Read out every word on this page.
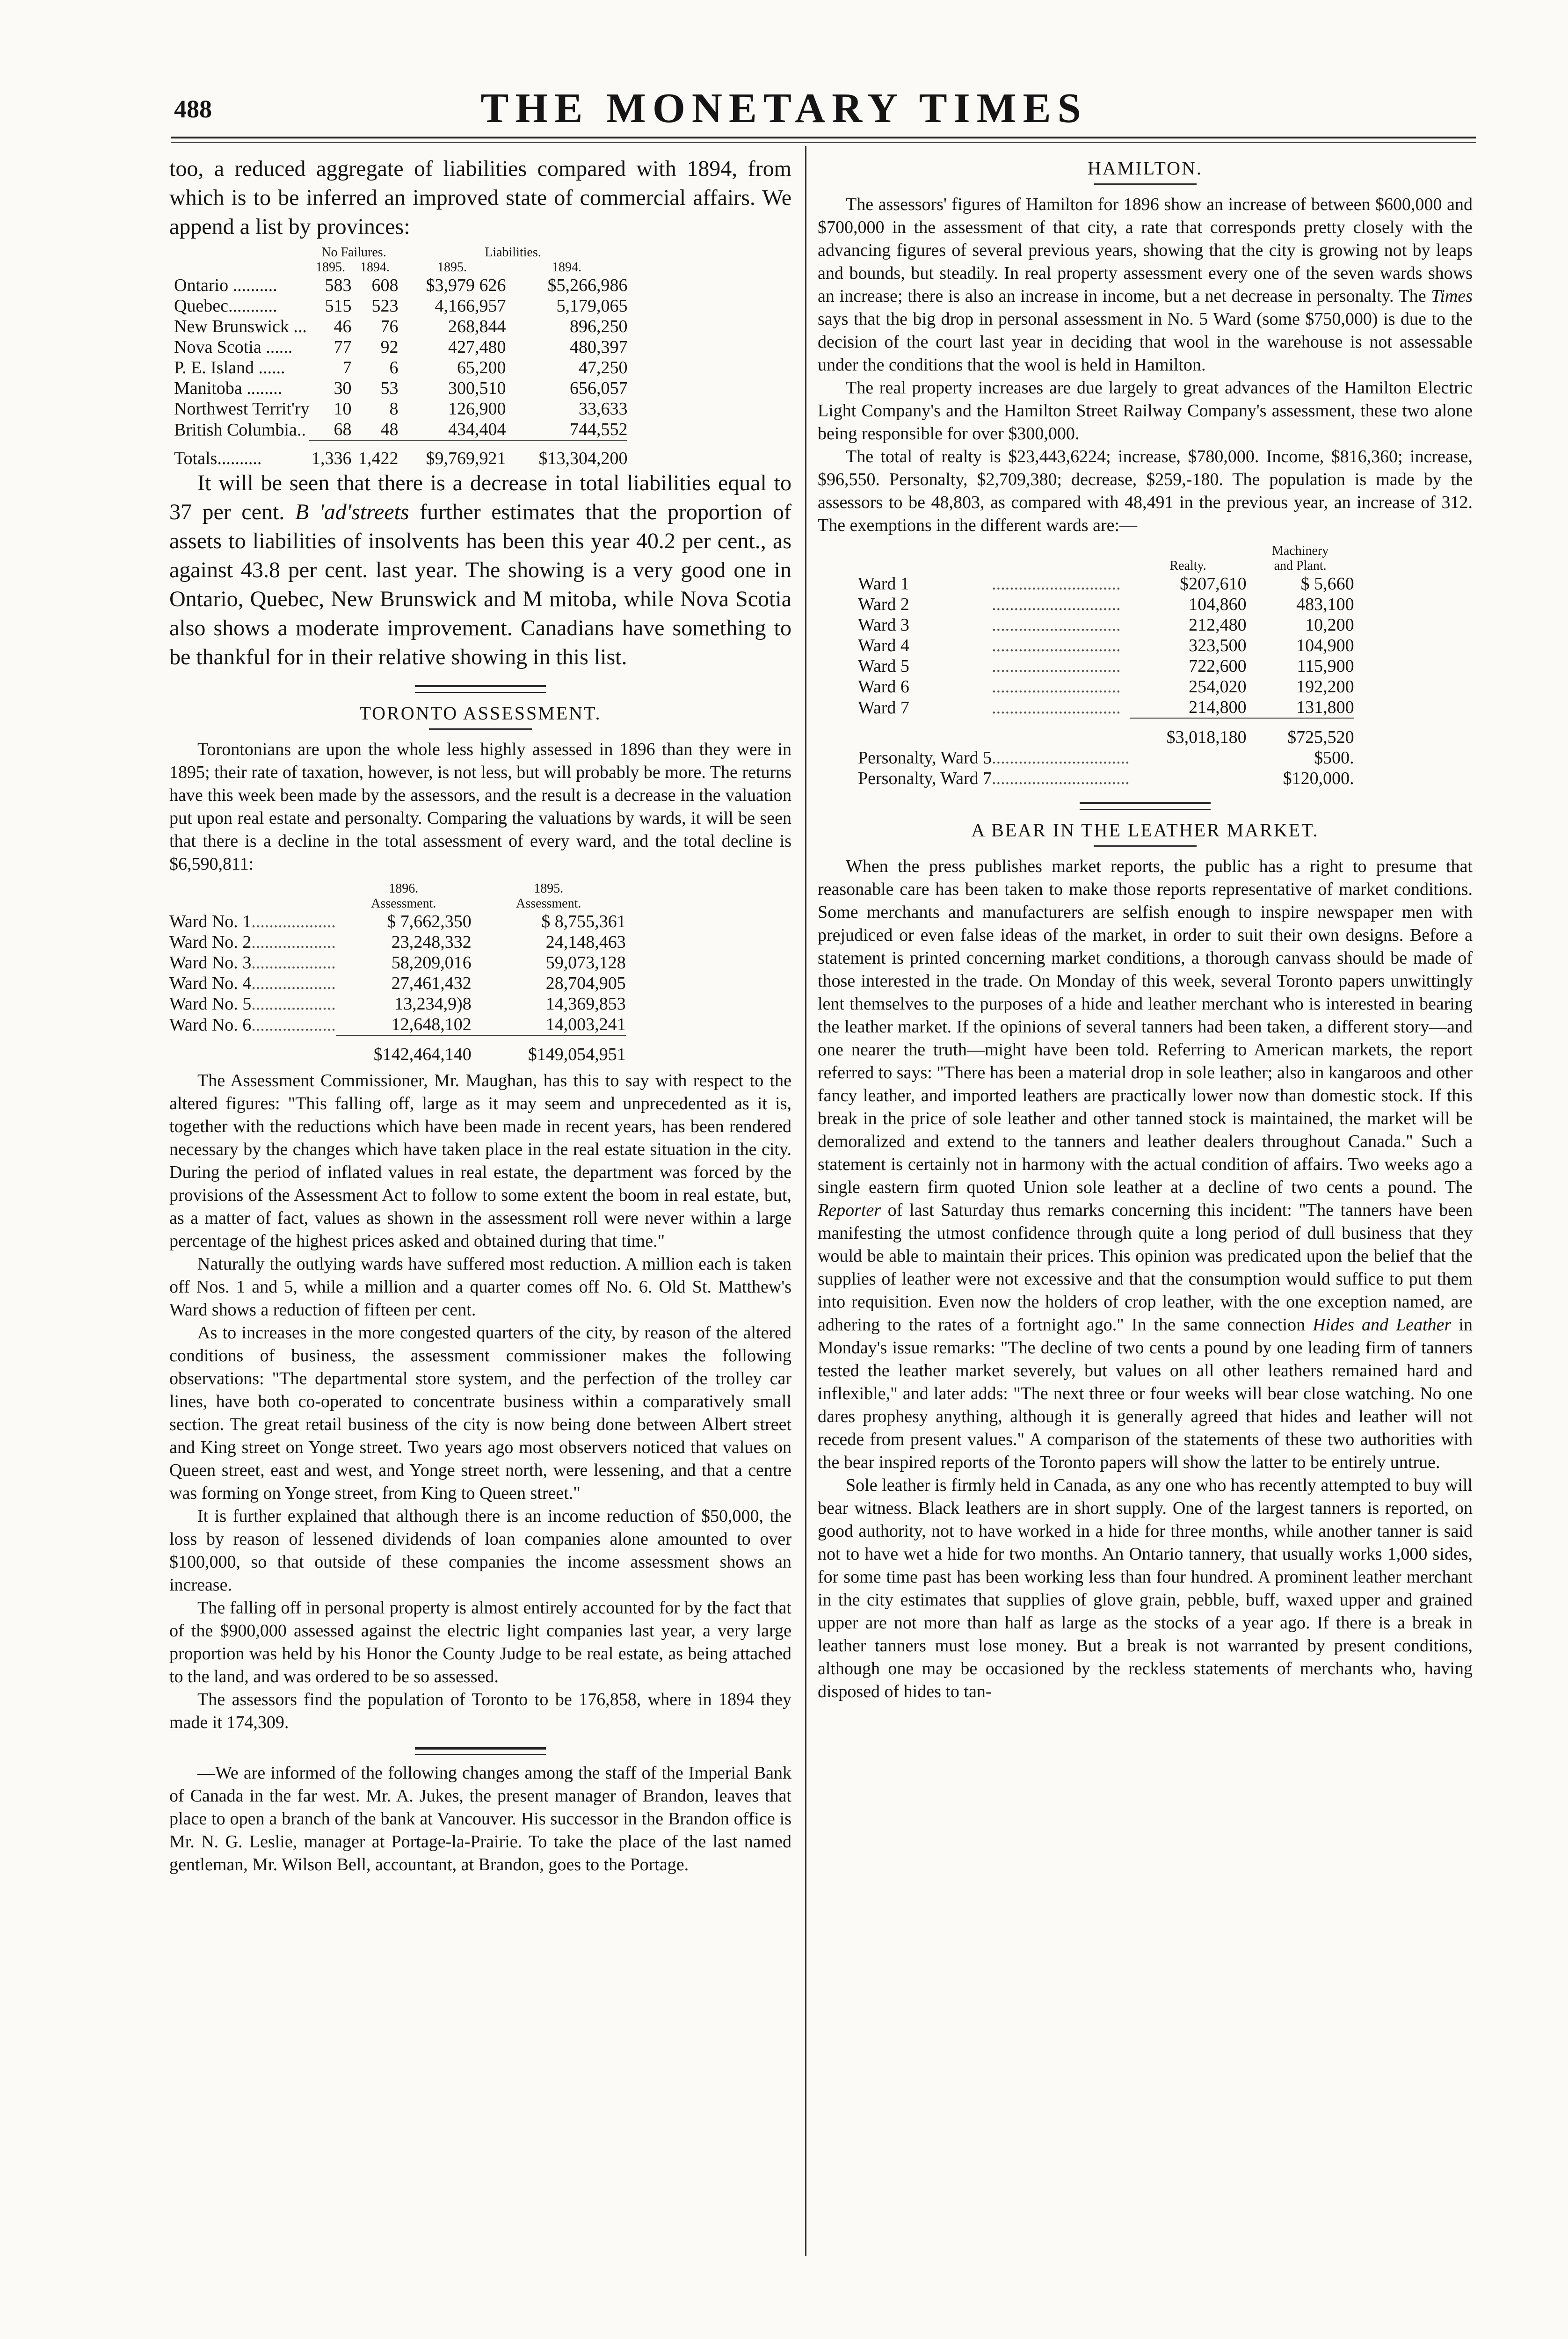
488	THE MONETARY TIMES

too, a reduced aggregate of liabilities compared with 1894, from which is to be inferred an improved state of commercial affairs. We append a list by provinces:

	No Failures.		Liabilities.	
	1895.	1894.	1895.	1894.
Ontario ..........	583	608	$3,979 626	$5,266,986
Quebec...........	515	523	4,166,957	5,179,065
New Brunswick ...	46	76	268,844	896,250
Nova Scotia ......	77	92	427,480	480,397
P. E. Island ......	7	6	65,200	47,250
Manitoba ........	30	53	300,510	656,057
Northwest Territ'ry	10	8	126,900	33,633
British Columbia..	68	48	434,404	744,552
Totals..........	1,336	1,422	$9,769,921	$13,304,200

It will be seen that there is a decrease in total liabilities equal to 37 per cent. B 'ad'streets further estimates that the proportion of assets to liabilities of insolvents has been this year 40.2 per cent., as against 43.8 per cent. last year. The showing is a very good one in Ontario, Quebec, New Brunswick and M mitoba, while Nova Scotia also shows a moderate improvement. Canadians have something to be thankful for in their relative showing in this list.

TORONTO ASSESSMENT.

Torontonians are upon the whole less highly assessed in 1896 than they were in 1895; their rate of taxation, however, is not less, but will probably be more. The returns have this week been made by the assessors, and the result is a decrease in the valuation put upon real estate and personalty. Comparing the valuations by wards, it will be seen that there is a decline in the total assessment of every ward, and the total decline is $6,590,811:

		1896.
Assessment.	1895.
Assessment.
Ward No. 1	...................	$ 7,662,350	$ 8,755,361
Ward No. 2	...................	23,248,332	24,148,463
Ward No. 3	...................	58,209,016	59,073,128
Ward No. 4	...................	27,461,432	28,704,905
Ward No. 5	...................	13,234,9)8	14,369,853
Ward No. 6	...................	12,648,102	14,003,241
		$142,464,140	$149,054,951

The Assessment Commissioner, Mr. Maughan, has this to say with respect to the altered figures: "This falling off, large as it may seem and unprecedented as it is, together with the reductions which have been made in recent years, has been rendered necessary by the changes which have taken place in the real estate situation in the city. During the period of inflated values in real estate, the department was forced by the provisions of the Assessment Act to follow to some extent the boom in real estate, but, as a matter of fact, values as shown in the assessment roll were never within a large percentage of the highest prices asked and obtained during that time."

Naturally the outlying wards have suffered most reduction. A million each is taken off Nos. 1 and 5, while a million and a quarter comes off No. 6. Old St. Matthew's Ward shows a reduction of fifteen per cent.

As to increases in the more congested quarters of the city, by reason of the altered conditions of business, the assessment commissioner makes the following observations: "The departmental store system, and the perfection of the trolley car lines, have both co-operated to concentrate business within a comparatively small section. The great retail business of the city is now being done between Albert street and King street on Yonge street. Two years ago most observers noticed that values on Queen street, east and west, and Yonge street north, were lessening, and that a centre was forming on Yonge street, from King to Queen street."

It is further explained that although there is an income reduction of $50,000, the loss by reason of lessened dividends of loan companies alone amounted to over $100,000, so that outside of these companies the income assessment shows an increase.

The falling off in personal property is almost entirely accounted for by the fact that of the $900,000 assessed against the electric light companies last year, a very large proportion was held by his Honor the County Judge to be real estate, as being attached to the land, and was ordered to be so assessed.

The assessors find the population of Toronto to be 176,858, where in 1894 they made it 174,309.

—We are informed of the following changes among the staff of the Imperial Bank of Canada in the far west. Mr. A. Jukes, the present manager of Brandon, leaves that place to open a branch of the bank at Vancouver. His successor in the Brandon office is Mr. N. G. Leslie, manager at Portage-la-Prairie. To take the place of the last named gentleman, Mr. Wilson Bell, accountant, at Brandon, goes to the Portage.

HAMILTON.

The assessors' figures of Hamilton for 1896 show an increase of between $600,000 and $700,000 in the assessment of that city, a rate that corresponds pretty closely with the advancing figures of several previous years, showing that the city is growing not by leaps and bounds, but steadily. In real property assessment every one of the seven wards shows an increase; there is also an increase in income, but a net decrease in personalty. The Times says that the big drop in personal assessment in No. 5 Ward (some $750,000) is due to the decision of the court last year in deciding that wool in the warehouse is not assessable under the conditions that the wool is held in Hamilton.

The real property increases are due largely to great advances of the Hamilton Electric Light Company's and the Hamilton Street Railway Company's assessment, these two alone being responsible for over $300,000.

The total of realty is $23,443,6224; increase, $780,000. Income, $816,360; increase, $96,550. Personalty, $2,709,380; decrease, $259,-180. The population is made by the assessors to be 48,803, as compared with 48,491 in the previous year, an increase of 312. The exemptions in the different wards are:—

		Realty.	Machinery
and Plant.
Ward 1	.............................	$207,610	$ 5,660
Ward 2	.............................	104,860	483,100
Ward 3	.............................	212,480	10,200
Ward 4	.............................	323,500	104,900
Ward 5	.............................	722,600	115,900
Ward 6	.............................	254,020	192,200
Ward 7	.............................	214,800	131,800
		$3,018,180	$725,520
Personalty, Ward 5	...............................		$500.
Personalty, Ward 7	...............................		$120,000.
A BEAR IN THE LEATHER MARKET.

When the press publishes market reports, the public has a right to presume that reasonable care has been taken to make those reports representative of market conditions. Some merchants and manufacturers are selfish enough to inspire newspaper men with prejudiced or even false ideas of the market, in order to suit their own designs. Before a statement is printed concerning market conditions, a thorough canvass should be made of those interested in the trade. On Monday of this week, several Toronto papers unwittingly lent themselves to the purposes of a hide and leather merchant who is interested in bearing the leather market. If the opinions of several tanners had been taken, a different story—and one nearer the truth—might have been told. Referring to American markets, the report referred to says: "There has been a material drop in sole leather; also in kangaroos and other fancy leather, and imported leathers are practically lower now than domestic stock. If this break in the price of sole leather and other tanned stock is maintained, the market will be demoralized and extend to the tanners and leather dealers throughout Canada." Such a statement is certainly not in harmony with the actual condition of affairs. Two weeks ago a single eastern firm quoted Union sole leather at a decline of two cents a pound. The Reporter of last Saturday thus remarks concerning this incident: "The tanners have been manifesting the utmost confidence through quite a long period of dull business that they would be able to maintain their prices. This opinion was predicated upon the belief that the supplies of leather were not excessive and that the consumption would suffice to put them into requisition. Even now the holders of crop leather, with the one exception named, are adhering to the rates of a fortnight ago." In the same connection Hides and Leather in Monday's issue remarks: "The decline of two cents a pound by one leading firm of tanners tested the leather market severely, but values on all other leathers remained hard and inflexible," and later adds: "The next three or four weeks will bear close watching. No one dares prophesy anything, although it is generally agreed that hides and leather will not recede from present values." A comparison of the statements of these two authorities with the bear inspired reports of the Toronto papers will show the latter to be entirely untrue.

Sole leather is firmly held in Canada, as any one who has recently attempted to buy will bear witness. Black leathers are in short supply. One of the largest tanners is reported, on good authority, not to have worked in a hide for three months, while another tanner is said not to have wet a hide for two months. An Ontario tannery, that usually works 1,000 sides, for some time past has been working less than four hundred. A prominent leather merchant in the city estimates that supplies of glove grain, pebble, buff, waxed upper and grained upper are not more than half as large as the stocks of a year ago. If there is a break in leather tanners must lose money. But a break is not warranted by present conditions, although one may be occasioned by the reckless statements of merchants who, having disposed of hides to tan-
